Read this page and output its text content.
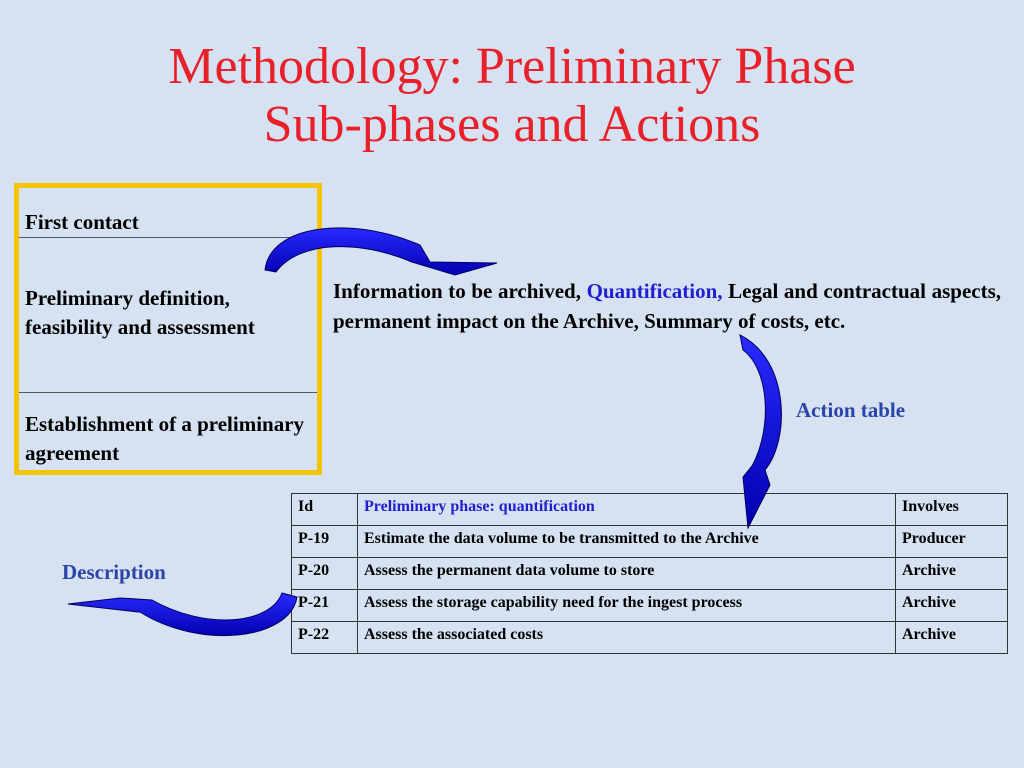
Methodology: Preliminary Phase
Sub-phases and Actions
First contact
Preliminary definition, feasibility and assessment
Establishment of a preliminary agreement
Information to be archived, Quantification, Legal and contractual aspects, permanent impact on the Archive, Summary of costs, etc.
Action table
Description
Id	Preliminary phase: quantification	Involves
P-19	Estimate the data volume to be transmitted to the Archive	Producer
P-20	Assess the permanent data volume to store	Archive
P-21	Assess the storage capability need for the ingest process	Archive
P-22	Assess the associated costs	Archive
